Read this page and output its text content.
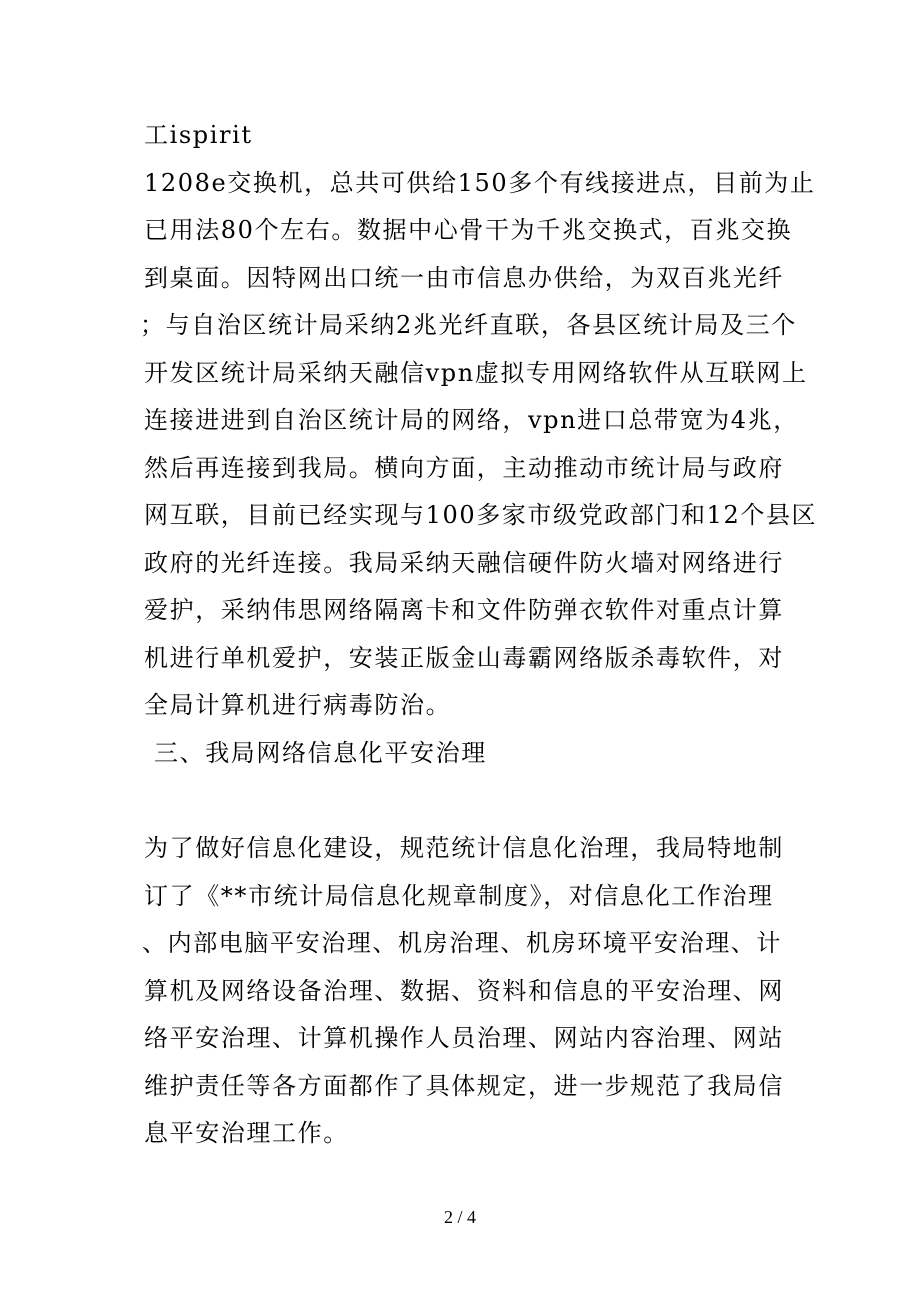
工ispirit
1208e交换机，总共可供给150多个有线接进点，目前为止
已用法80个左右。数据中心骨干为千兆交换式，百兆交换
到桌面。因特网出口统一由市信息办供给，为双百兆光纤
；与自治区统计局采纳2兆光纤直联，各县区统计局及三个
开发区统计局采纳天融信vpn虚拟专用网络软件从互联网上
连接进进到自治区统计局的网络，vpn进口总带宽为4兆，
然后再连接到我局。横向方面，主动推动市统计局与政府
网互联，目前已经实现与100多家市级党政部门和12个县区
政府的光纤连接。我局采纳天融信硬件防火墙对网络进行
爱护，采纳伟思网络隔离卡和文件防弹衣软件对重点计算
机进行单机爱护，安装正版金山毒霸网络版杀毒软件，对
全局计算机进行病毒防治。
三、我局网络信息化平安治理
为了做好信息化建设，规范统计信息化治理，我局特地制
订了《**市统计局信息化规章制度》，对信息化工作治理
、内部电脑平安治理、机房治理、机房环境平安治理、计
算机及网络设备治理、数据、资料和信息的平安治理、网
络平安治理、计算机操作人员治理、网站内容治理、网站
维护责任等各方面都作了具体规定，进一步规范了我局信
息平安治理工作。
2 / 4
